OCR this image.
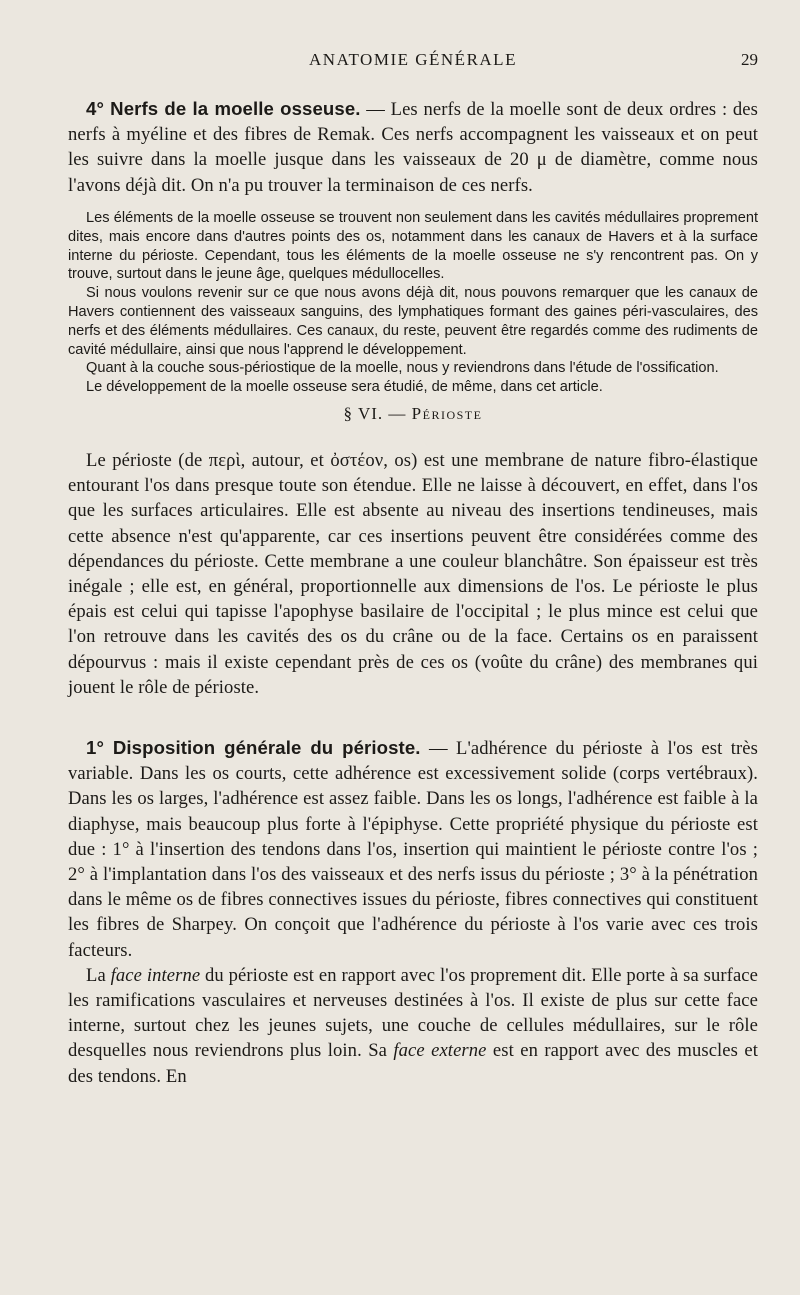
ANATOMIE GÉNÉRALE	29

4° Nerfs de la moelle osseuse. — Les nerfs de la moelle sont de deux ordres : des nerfs à myéline et des fibres de Remak. Ces nerfs accompagnent les vaisseaux et on peut les suivre dans la moelle jusque dans les vaisseaux de 20 μ de diamètre, comme nous l'avons déjà dit. On n'a pu trouver la terminaison de ces nerfs.

Les éléments de la moelle osseuse se trouvent non seulement dans les cavités médullaires proprement dites, mais encore dans d'autres points des os, notamment dans les canaux de Havers et à la surface interne du périoste. Cependant, tous les éléments de la moelle osseuse ne s'y rencontrent pas. On y trouve, surtout dans le jeune âge, quelques médullocelles.

Si nous voulons revenir sur ce que nous avons déjà dit, nous pouvons remarquer que les canaux de Havers contiennent des vaisseaux sanguins, des lymphatiques formant des gaines péri-vasculaires, des nerfs et des éléments médullaires. Ces canaux, du reste, peuvent être regardés comme des rudiments de cavité médullaire, ainsi que nous l'apprend le développement.

Quant à la couche sous-périostique de la moelle, nous y reviendrons dans l'étude de l'ossification.

Le développement de la moelle osseuse sera étudié, de même, dans cet article.

§ VI. — Périoste

Le périoste (de περὶ, autour, et ὀστέον, os) est une membrane de nature fibro-élastique entourant l'os dans presque toute son étendue. Elle ne laisse à découvert, en effet, dans l'os que les surfaces articulaires. Elle est absente au niveau des insertions tendineuses, mais cette absence n'est qu'apparente, car ces insertions peuvent être considérées comme des dépendances du périoste. Cette membrane a une couleur blanchâtre. Son épaisseur est très inégale ; elle est, en général, proportionnelle aux dimensions de l'os. Le périoste le plus épais est celui qui tapisse l'apophyse basilaire de l'occipital ; le plus mince est celui que l'on retrouve dans les cavités des os du crâne ou de la face. Certains os en paraissent dépourvus : mais il existe cependant près de ces os (voûte du crâne) des membranes qui jouent le rôle de périoste.

1° Disposition générale du périoste. — L'adhérence du périoste à l'os est très variable. Dans les os courts, cette adhérence est excessivement solide (corps vertébraux). Dans les os larges, l'adhérence est assez faible. Dans les os longs, l'adhérence est faible à la diaphyse, mais beaucoup plus forte à l'épiphyse. Cette propriété physique du périoste est due : 1° à l'insertion des tendons dans l'os, insertion qui maintient le périoste contre l'os ; 2° à l'implantation dans l'os des vaisseaux et des nerfs issus du périoste ; 3° à la pénétration dans le même os de fibres connectives issues du périoste, fibres connectives qui constituent les fibres de Sharpey. On conçoit que l'adhérence du périoste à l'os varie avec ces trois facteurs.

La face interne du périoste est en rapport avec l'os proprement dit. Elle porte à sa surface les ramifications vasculaires et nerveuses destinées à l'os. Il existe de plus sur cette face interne, surtout chez les jeunes sujets, une couche de cellules médullaires, sur le rôle desquelles nous reviendrons plus loin. Sa face externe est en rapport avec des muscles et des tendons. En
